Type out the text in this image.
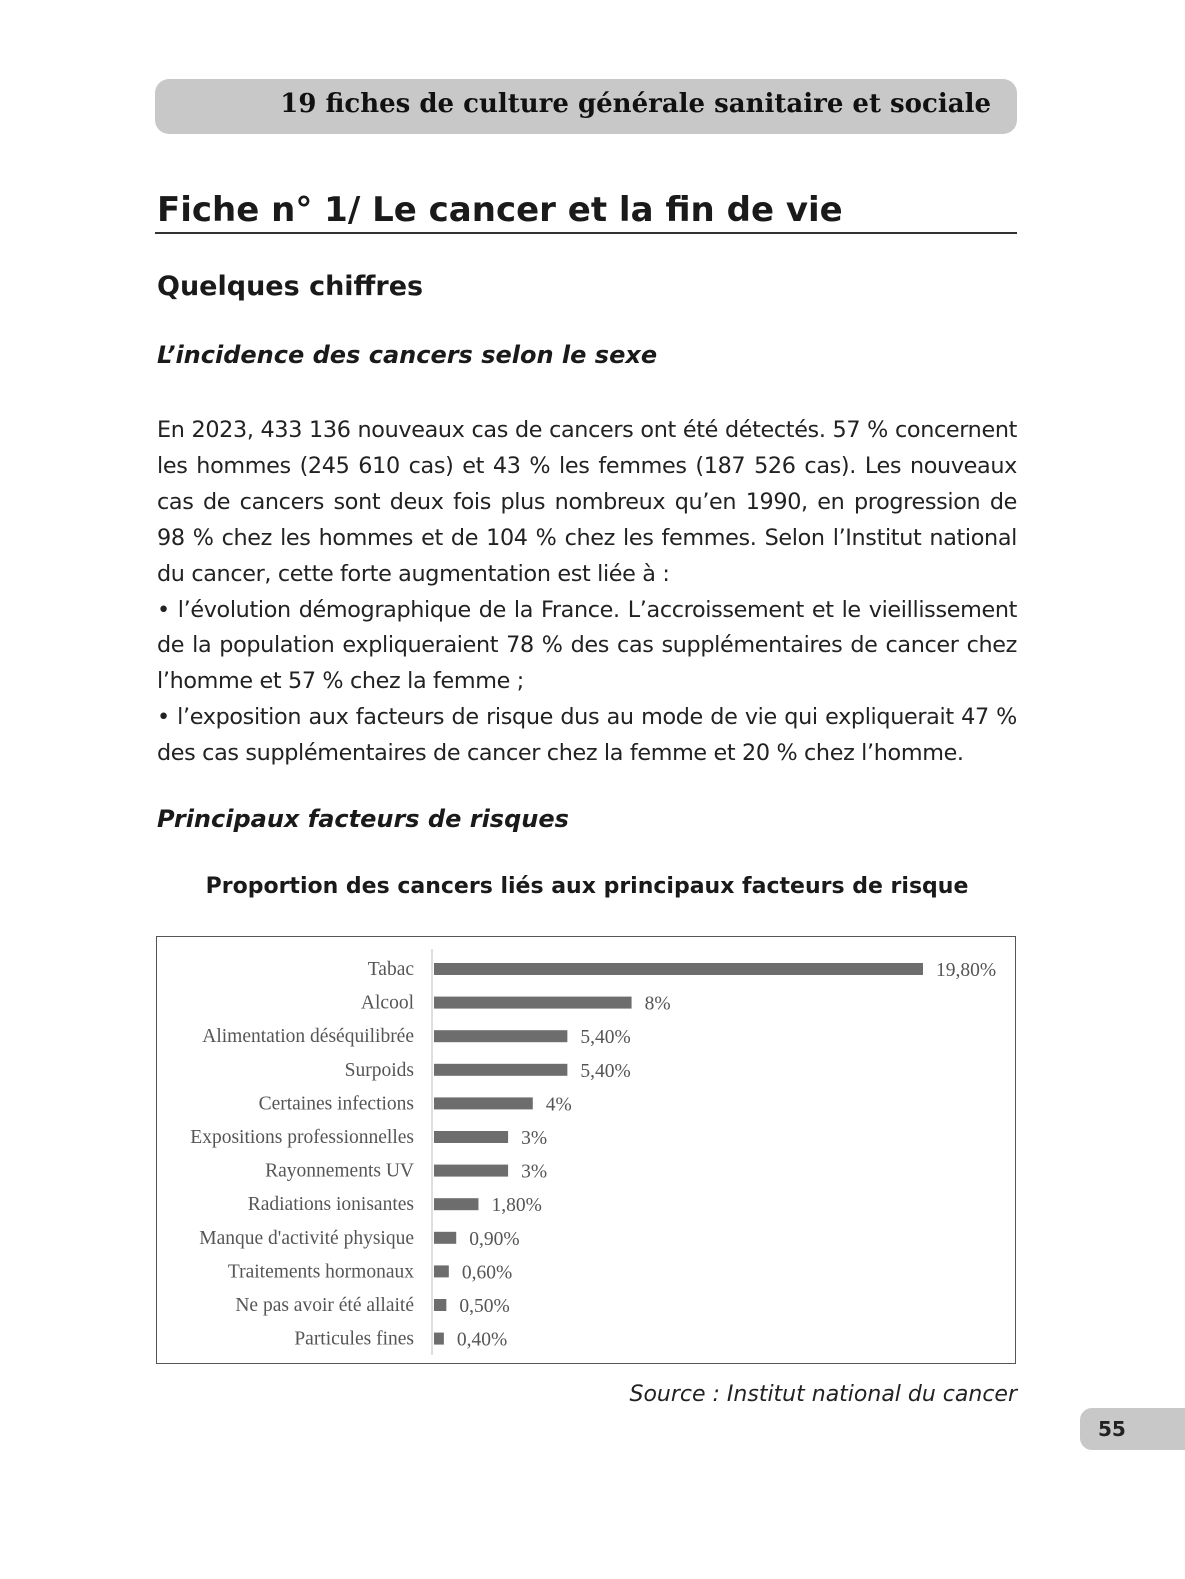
19 fiches de culture générale sanitaire et sociale
Fiche n° 1/ Le cancer et la fin de vie
Quelques chiffres
L’incidence des cancers selon le sexe

En 2023, 433 136 nouveaux cas de cancers ont été détectés. 57 % concernent les hommes (245 610 cas) et 43 % les femmes (187 526 cas). Les nouveaux cas de cancers sont deux fois plus nombreux qu’en 1990, en progression de 98 % chez les hommes et de 104 % chez les femmes. Selon l’Institut national du cancer, cette forte augmentation est liée à :

• l’évolution démographique de la France. L’accroissement et le vieillissement de la population expliqueraient 78 % des cas supplémentaires de cancer chez l’homme et 57 % chez la femme ;

• l’exposition aux facteurs de risque dus au mode de vie qui expliquerait 47 % des cas supplémentaires de cancer chez la femme et 20 % chez l’homme.

Principaux facteurs de risques
Proportion des cancers liés aux principaux facteurs de risque
Tabac	19,80%
Alcool	8%
Alimentation déséquilibrée	5,40%
Surpoids	5,40%
Certaines infections	4%
Expositions professionnelles	3%
Rayonnements UV	3%
Radiations ionisantes	1,80%
Manque d'activité physique	0,90%
Traitements hormonaux 0,60%
Ne pas avoir été allaité 0,50%
Particules fines 0,40%
Source : Institut national du cancer
55
